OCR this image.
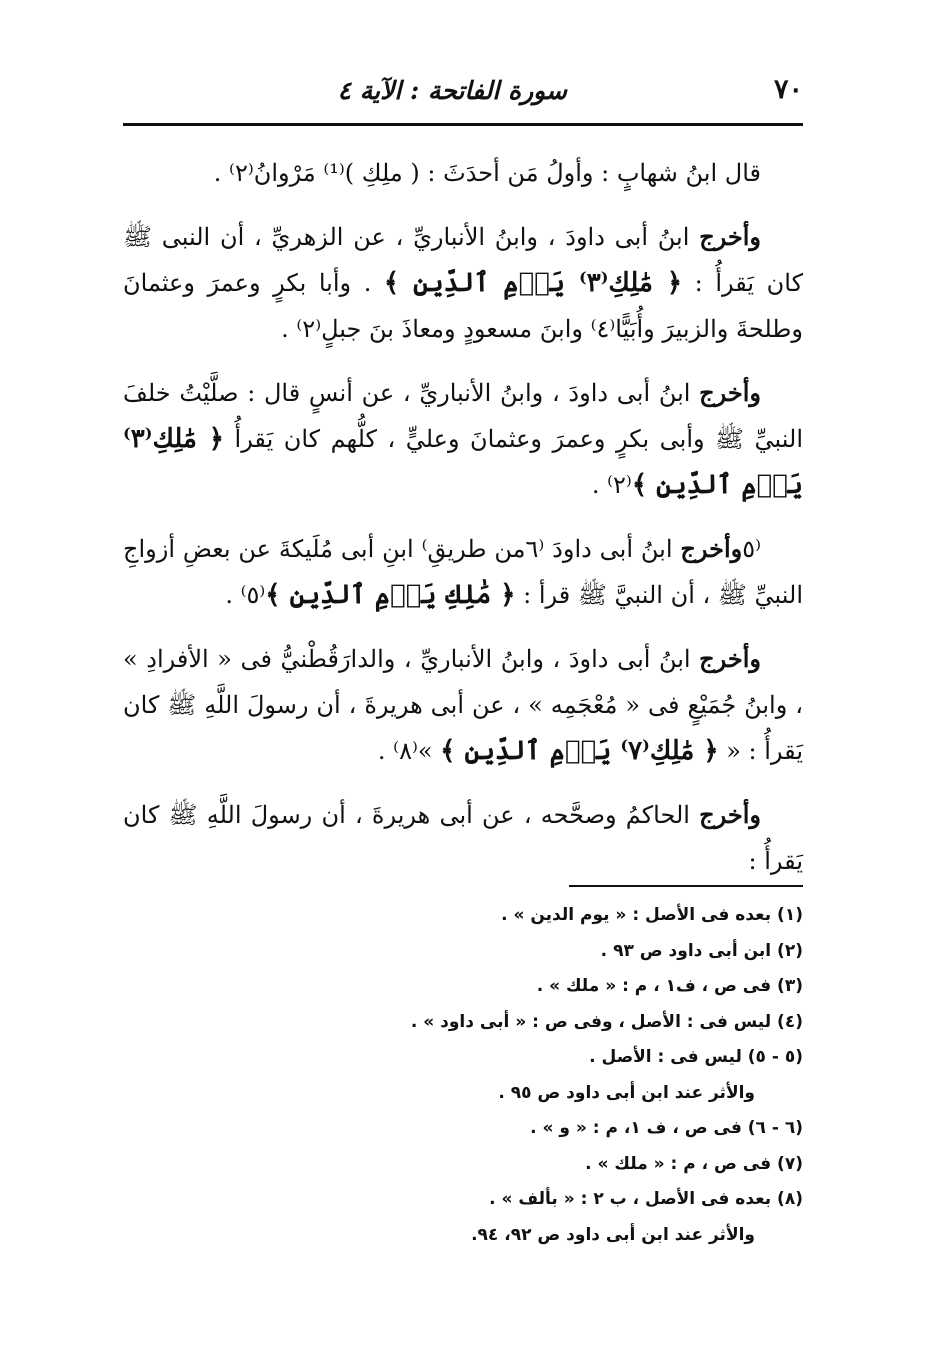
٧٠
سورة الفاتحة : الآية ٤

قال ابنُ شهابٍ : وأولُ مَن أحدَثَ : ( ملِكِ )⁽¹⁾ مَرْوانُ⁽٢⁾ .

وأخرج ابنُ أبى داودَ ، وابنُ الأنباريِّ ، عن الزهريِّ ، أن النبى ﷺ كان يَقرأُ : ﴿ مَٰلِكِ⁽٣⁾ يَوۡمِ ٱلدِّينِ ﴾ . وأبا بكرٍ وعمرَ وعثمانَ وطلحةَ والزبيرَ وأُبَيًّا⁽٤⁾ وابنَ مسعودٍ ومعاذَ بنَ جبلٍ⁽٢⁾ .

وأخرج ابنُ أبى داودَ ، وابنُ الأنباريِّ ، عن أنسٍ قال : صلَّيْتُ خلفَ النبيِّ ﷺ وأبى بكرٍ وعمرَ وعثمانَ وعليٍّ ، كلُّهم كان يَقرأُ ﴿ مَٰلِكِ⁽٣⁾ يَوۡمِ ٱلدِّينِ ﴾⁽٢⁾ .

⁽٥وأخرج ابنُ أبى داودَ ⁽٦من طريقِ⁾ ابنِ أبى مُلَيكةَ عن بعضِ أزواجِ النبيِّ ﷺ ، أن النبيَّ ﷺ قرأ : ﴿ مَٰلِكِ يَوۡمِ ٱلدِّينِ ﴾⁽٥⁾ .

وأخرج ابنُ أبى داودَ ، وابنُ الأنباريِّ ، والدارَقُطْنيُّ فى « الأفرادِ » ، وابنُ جُمَيْعٍ فى « مُعْجَمِه » ، عن أبى هريرةَ ، أن رسولَ اللَّهِ ﷺ كان يَقرأُ : « ﴿ مَٰلِكِ⁽٧⁾ يَوۡمِ ٱلدِّينِ ﴾ »⁽٨⁾ .

وأخرج الحاكمُ وصحَّحه ، عن أبى هريرةَ ، أن رسولَ اللَّهِ ﷺ كان يَقرأُ :

(١) بعده فى الأصل : « يوم الدين » .

(٢) ابن أبى داود ص ٩٣ .

(٣) فى ص ، ف١ ، م : « ملك » .

(٤) ليس فى : الأصل ، وفى ص : « أبى داود » .

(٥ - ٥) ليس فى : الأصل .

والأثر عند ابن أبى داود ص ٩٥ .

(٦ - ٦) فى ص ، ف ١، م : « و » .

(٧) فى ص ، م : « ملك » .

(٨) بعده فى الأصل ، ب ٢ : « بألف » .

والأثر عند ابن أبى داود ص ٩٢، ٩٤.
